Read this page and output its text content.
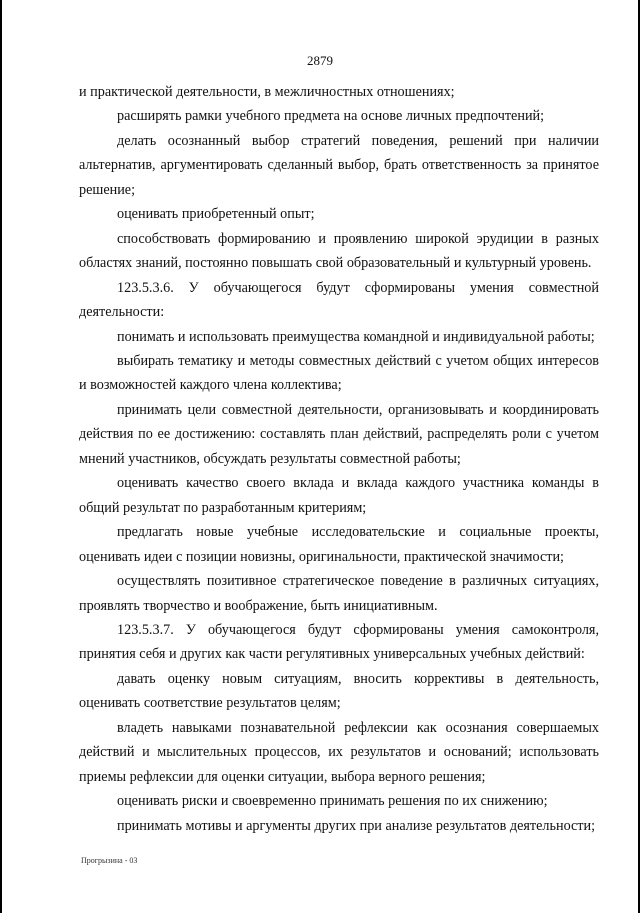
2879

и практической деятельности, в межличностных отношениях;

расширять рамки учебного предмета на основе личных предпочтений;

делать осознанный выбор стратегий поведения, решений при наличии альтернатив, аргументировать сделанный выбор, брать ответственность за принятое решение;

оценивать приобретенный опыт;

способствовать формированию и проявлению широкой эрудиции в разных областях знаний, постоянно повышать свой образовательный и культурный уровень.

123.5.3.6. У обучающегося будут сформированы умения совместной деятельности:

понимать и использовать преимущества командной и индивидуальной работы;

выбирать тематику и методы совместных действий с учетом общих интересов и возможностей каждого члена коллектива;

принимать цели совместной деятельности, организовывать и координировать действия по ее достижению: составлять план действий, распределять роли с учетом мнений участников, обсуждать результаты совместной работы;

оценивать качество своего вклада и вклада каждого участника команды в общий результат по разработанным критериям;

предлагать новые учебные исследовательские и социальные проекты, оценивать идеи с позиции новизны, оригинальности, практической значимости;

осуществлять позитивное стратегическое поведение в различных ситуациях, проявлять творчество и воображение, быть инициативным.

123.5.3.7. У обучающегося будут сформированы умения самоконтроля, принятия себя и других как части регулятивных универсальных учебных действий:

давать оценку новым ситуациям, вносить коррективы в деятельность, оценивать соответствие результатов целям;

владеть навыками познавательной рефлексии как осознания совершаемых действий и мыслительных процессов, их результатов и оснований; использовать приемы рефлексии для оценки ситуации, выбора верного решения;

оценивать риски и своевременно принимать решения по их снижению;

принимать мотивы и аргументы других при анализе результатов деятельности;

Прогрызина - 03
